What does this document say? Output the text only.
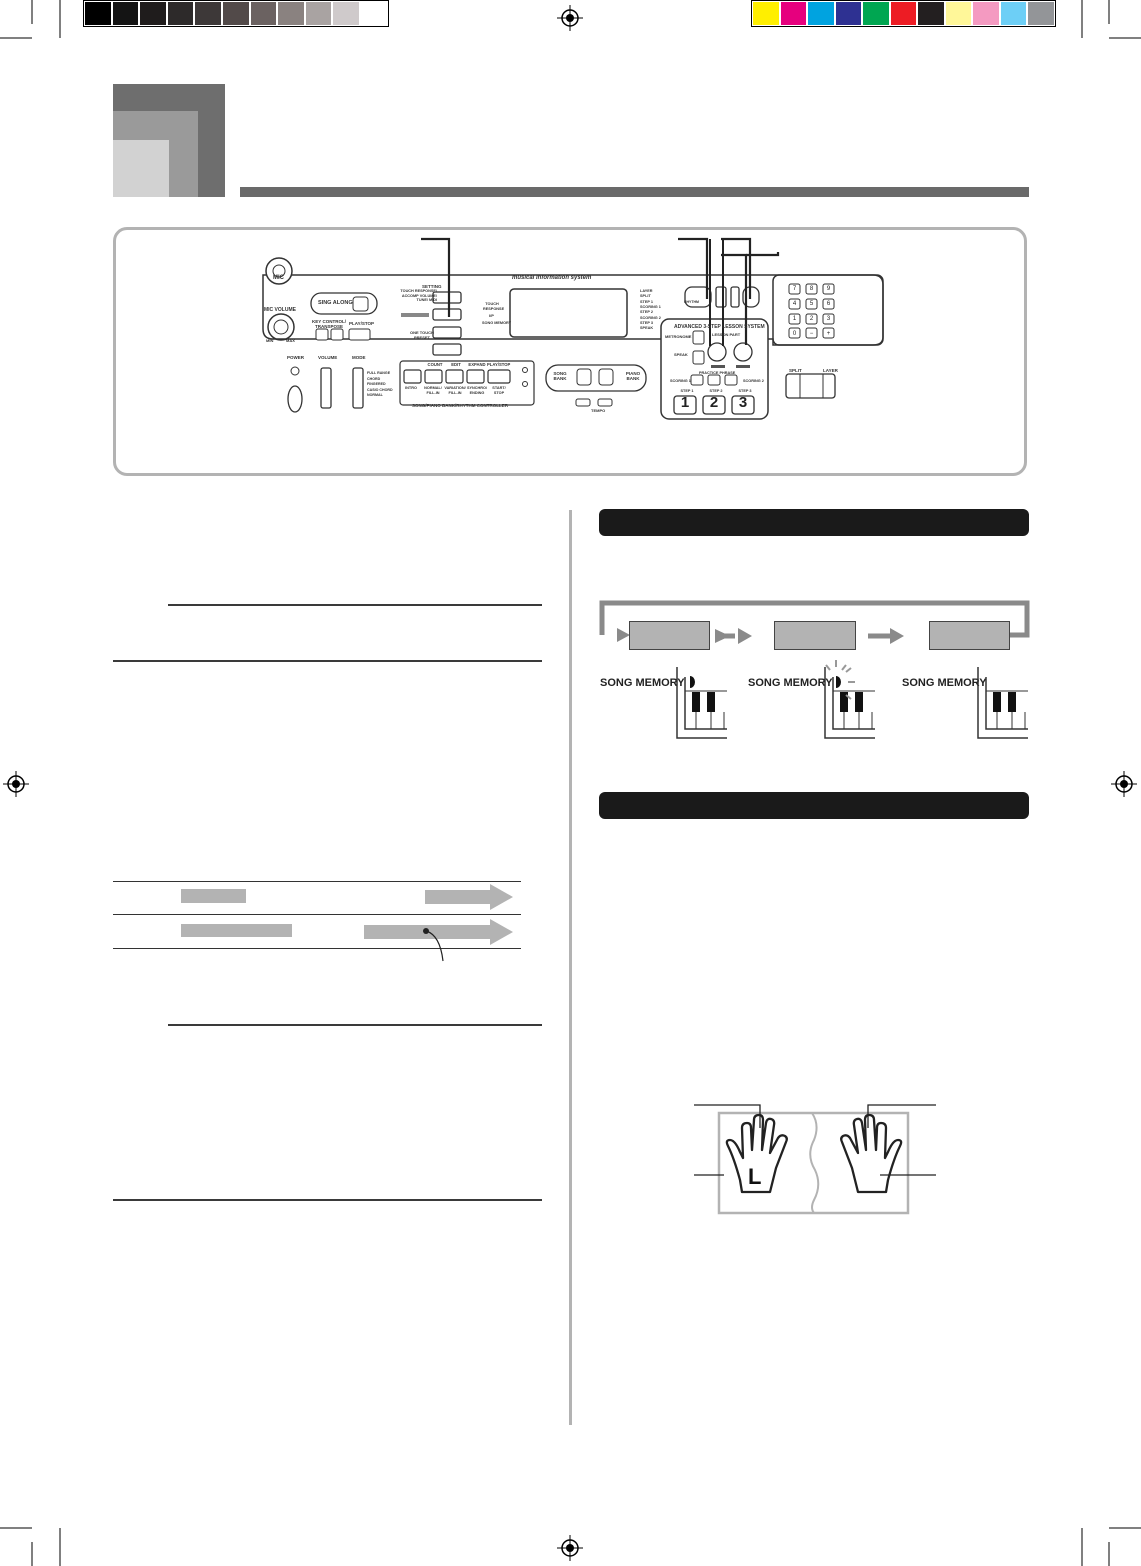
MIC
MIC VOLUME
MIN	MAX
SING ALONG
KEY CONTROL/ TRANSPOSE
PLAY/STOP
SETTING
TOUCH RESPONSE/ ACCOMP VOLUME/ TUNE/ MIDI
ONE TOUCH PRESET
musical information system
TOUCH RESPONSE
I/P
SONG MEMORY
LAYER
SPLIT
STEP 1
SCORING 1
STEP 2
SCORING 2
STEP 3
SPEAK
RHYTHM
POWER	VOLUME	MODE
FULL RANGE
CHORD
FINGERED
CASIO CHORD
NORMAL
COUNT	EDIT	EXPAND PLAY/STOP
INTRO	NORMAL/ FILL-IN
VARIATION/ FILL-IN
SYNCHRO/ ENDING
START/ STOP
SONG/PIANO BANK/RHYTHM CONTROLLER
SONG BANK
PIANO BANK
TEMPO
ADVANCED 3-STEP LESSON SYSTEM
LESSON PART
METRONOME
SPEAK
PRACTICE PHRASE
SCORING 1	SCORING 2
STEP 1	STEP 2	STEP 3
1	2	3
7	8	9
4	5	6
1	2	3
0	−	+
SPLIT	LAYER
SONG MEMORY	SONG MEMORY	SONG MEMORY
L
